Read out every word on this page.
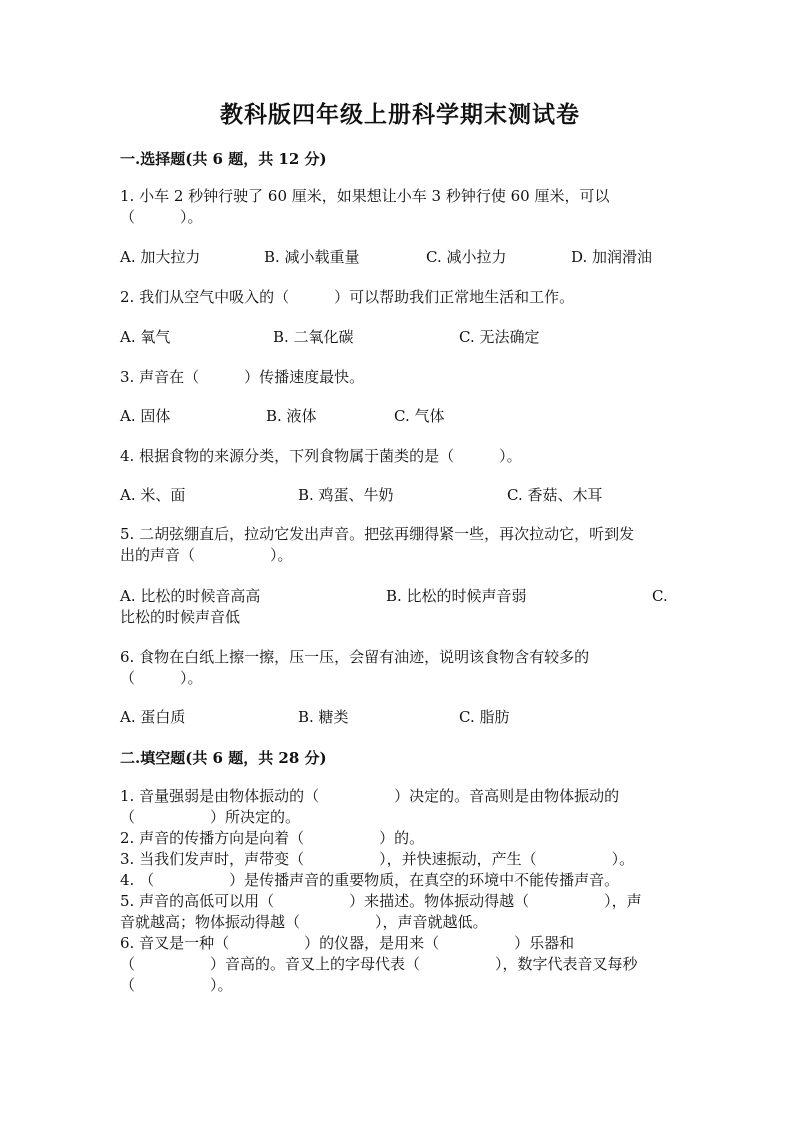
教科版四年级上册科学期末测试卷
一.选择题(共 6 题，共 12 分)
1. 小车 2 秒钟行驶了 60 厘米，如果想让小车 3 秒钟行使 60 厘米，可以
（　　　）。
A. 加大拉力	B. 减小载重量	C. 减小拉力	D. 加润滑油
2. 我们从空气中吸入的（　　　）可以帮助我们正常地生活和工作。
A. 氧气	B. 二氧化碳	C. 无法确定
3. 声音在（　　　）传播速度最快。
A. 固体	B. 液体	C. 气体
4. 根据食物的来源分类，下列食物属于菌类的是（　　　）。
A. 米、面	B. 鸡蛋、牛奶	C. 香菇、木耳
5. 二胡弦绷直后，拉动它发出声音。把弦再绷得紧一些，再次拉动它，听到发
出的声音（　　　　　）。
A. 比松的时候音高高	B. 比松的时候声音弱	C.
比松的时候声音低
6. 食物在白纸上擦一擦，压一压，会留有油迹，说明该食物含有较多的
（　　　）。
A. 蛋白质	B. 糖类	C. 脂肪
二.填空题(共 6 题，共 28 分)
1. 音量强弱是由物体振动的（　　　　　）决定的。音高则是由物体振动的
（　　　　　）所决定的。
2. 声音的传播方向是向着（　　　　　）的。
3. 当我们发声时，声带变（　　　　　），并快速振动，产生（　　　　　）。
4. （　　　　　）是传播声音的重要物质，在真空的环境中不能传播声音。
5. 声音的高低可以用（　　　　　）来描述。物体振动得越（　　　　　），声
音就越高；物体振动得越（　　　　　），声音就越低。
6. 音叉是一种（　　　　　）的仪器，是用来（　　　　　）乐器和
（　　　　　）音高的。音叉上的字母代表（　　　　　），数字代表音叉每秒
（　　　　　）。
